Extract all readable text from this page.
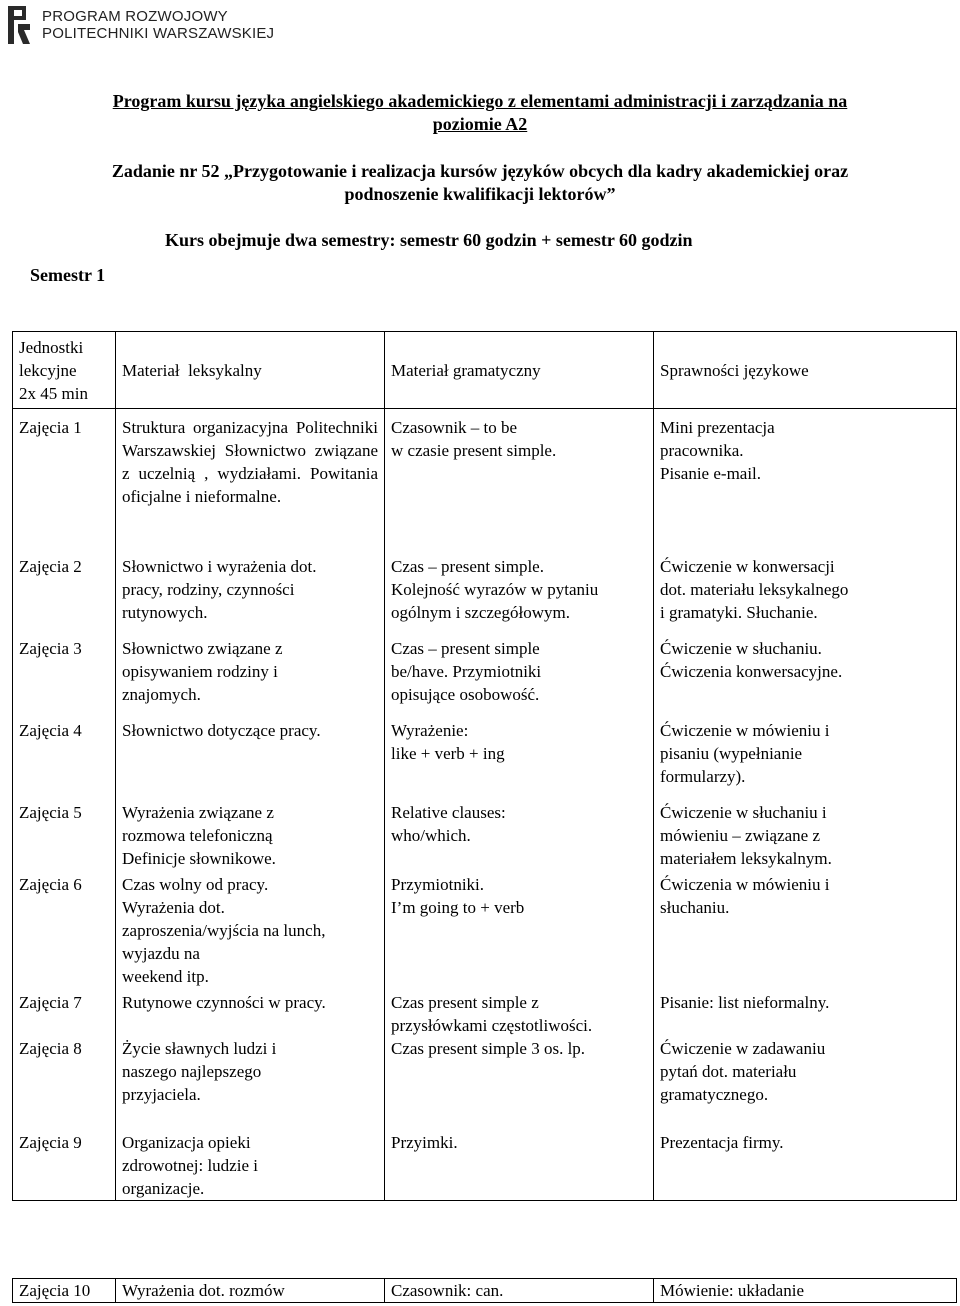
PROGRAM ROZWOJOWY
POLITECHNIKI WARSZAWSKIEJ
Program kursu języka angielskiego akademickiego z elementami administracji i zarządzania na
poziomie A2
Zadanie nr 52 „Przygotowanie i realizacja kursów języków obcych dla kadry akademickiej oraz
podnoszenie kwalifikacji lektorów”
Kurs obejmuje dwa semestry: semestr 60 godzin + semestr 60 godzin
Semestr 1
Jednostki
lekcyjne
2x 45 min	Materiał  leksykalny	Materiał gramatyczny	Sprawności językowe
Zajęcia 1	Struktura organizacyjna Politechniki Warszawskiej Słownictwo związane z uczelnią , wydziałami. Powitania oficjalne i nieformalne.	Czasownik – to be
w czasie present simple.	Mini prezentacja
pracownika.
Pisanie e-mail.

Zajęcia 2	Słownictwo i wyrażenia dot.
pracy, rodziny, czynności
rutynowych.	Czas – present simple.
Kolejność wyrazów w pytaniu
ogólnym i szczegółowym.	Ćwiczenie w konwersacji
dot. materiału leksykalnego
i gramatyki. Słuchanie.

Zajęcia 3	Słownictwo związane z
opisywaniem rodziny i
znajomych.	Czas – present simple
be/have. Przymiotniki
opisujące osobowość.	Ćwiczenie w słuchaniu.
Ćwiczenia konwersacyjne.

Zajęcia 4	Słownictwo dotyczące pracy.	Wyrażenie:
like + verb + ing	Ćwiczenie w mówieniu i
pisaniu (wypełnianie
formularzy).

Zajęcia 5	Wyrażenia związane z
rozmowa telefoniczną
Definicje słownikowe.	Relative clauses:
who/which.	Ćwiczenie w słuchaniu i
mówieniu – związane z
materiałem leksykalnym.

Zajęcia 6	Czas wolny od pracy.
Wyrażenia dot.
zaproszenia/wyjścia na lunch,
wyjazdu na
weekend itp.	Przymiotniki.
I’m going to + verb	Ćwiczenia w mówieniu i
słuchaniu.

Zajęcia 7	Rutynowe czynności w pracy.	Czas present simple z
przysłówkami częstotliwości.	Pisanie: list nieformalny.

Zajęcia 8	Życie sławnych ludzi i
naszego najlepszego
przyjaciela.	Czas present simple 3 os. lp.	Ćwiczenie w zadawaniu
pytań dot. materiału
gramatycznego.

Zajęcia 9	Organizacja opieki
zdrowotnej: ludzie i
organizacje.	Przyimki.	Prezentacja firmy.
Zajęcia 10	Wyrażenia dot. rozmów	Czasownik: can.	Mówienie: układanie
